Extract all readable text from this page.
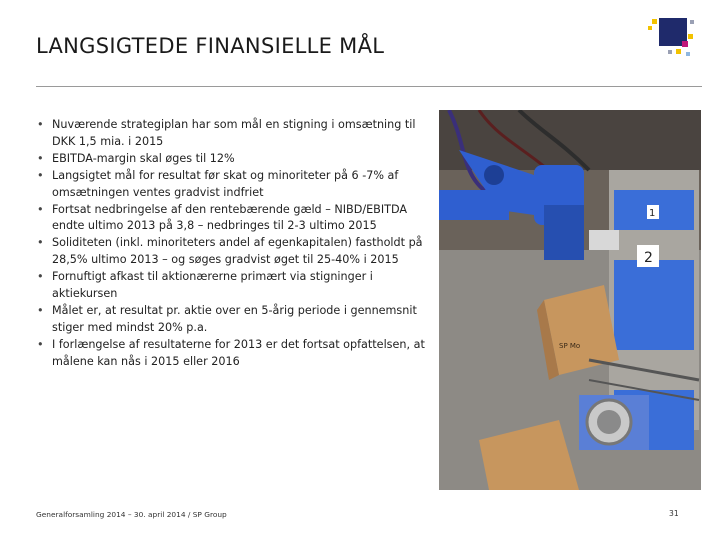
LANGSIGTEDE FINANSIELLE MÅL
• Nuværende strategiplan har som mål en stigning i omsætning til DKK 1,5 mia. i 2015
• EBITDA-margin skal øges til 12%
• Langsigtet mål for resultat før skat og minoriteter på 6 -7% af omsætningen ventes gradvist indfriet
• Fortsat nedbringelse af den rentebærende gæld – NIBD/EBITDA endte ultimo 2013 på 3,8 – nedbringes til 2-3 ultimo 2015
• Soliditeten (inkl. minoriteters andel af egenkapitalen) fastholdt på 28,5% ultimo 2013 – og søges gradvist øget til 25-40% i 2015
• Fornuftigt afkast til aktionærerne primært via stigninger i aktiekursen
• Målet er, at resultat pr. aktie over en 5-årig periode i gennemsnit stiger med mindst 20% p.a.
• I forlængelse af resultaterne for 2013 er det fortsat opfattelsen, at målene kan nås i 2015 eller 2016
2
1
SP Mo
Generalforsamling 2014 – 30. april 2014 / SP Group	31
